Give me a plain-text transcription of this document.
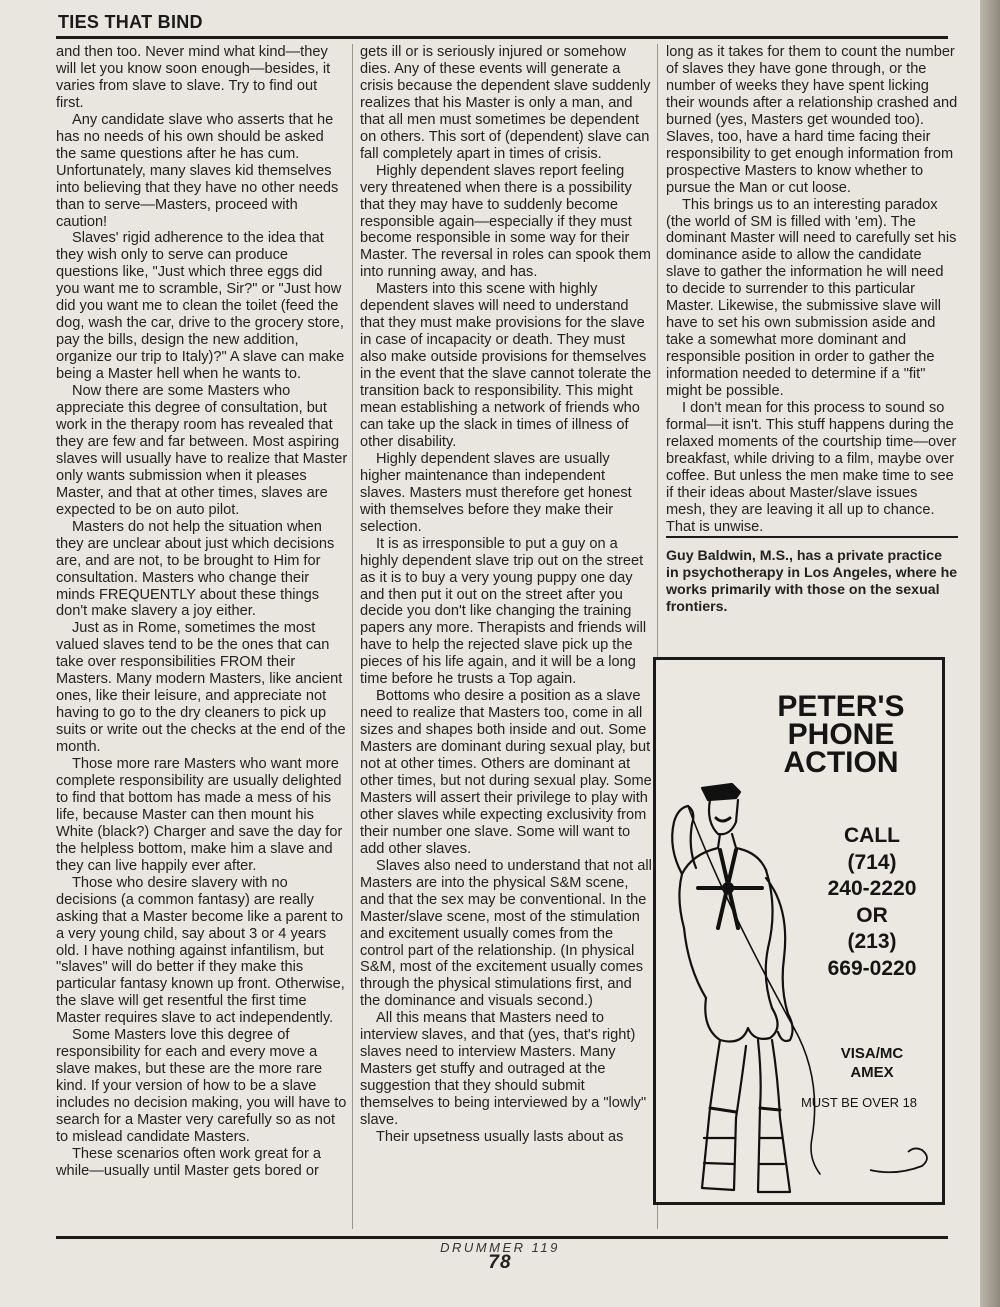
TIES THAT BIND

and then too. Never mind what kind—they will let you know soon enough—besides, it varies from slave to slave. Try to find out first.

Any candidate slave who asserts that he has no needs of his own should be asked the same questions after he has cum. Unfortunately, many slaves kid themselves into believing that they have no other needs than to serve—Masters, proceed with caution!

Slaves' rigid adherence to the idea that they wish only to serve can produce questions like, "Just which three eggs did you want me to scramble, Sir?" or "Just how did you want me to clean the toilet (feed the dog, wash the car, drive to the grocery store, pay the bills, design the new addition, organize our trip to Italy)?" A slave can make being a Master hell when he wants to.

Now there are some Masters who appreciate this degree of consultation, but work in the therapy room has revealed that they are few and far between. Most aspiring slaves will usually have to realize that Master only wants submission when it pleases Master, and that at other times, slaves are expected to be on auto pilot.

Masters do not help the situation when they are unclear about just which decisions are, and are not, to be brought to Him for consultation. Masters who change their minds FREQUENTLY about these things don't make slavery a joy either.

Just as in Rome, sometimes the most valued slaves tend to be the ones that can take over responsibilities FROM their Masters. Many modern Masters, like ancient ones, like their leisure, and appreciate not having to go to the dry cleaners to pick up suits or write out the checks at the end of the month.

Those more rare Masters who want more complete responsibility are usually delighted to find that bottom has made a mess of his life, because Master can then mount his White (black?) Charger and save the day for the helpless bottom, make him a slave and they can live happily ever after.

Those who desire slavery with no decisions (a common fantasy) are really asking that a Master become like a parent to a very young child, say about 3 or 4 years old. I have nothing against infantilism, but "slaves" will do better if they make this particular fantasy known up front. Otherwise, the slave will get resentful the first time Master requires slave to act independently.

Some Masters love this degree of responsibility for each and every move a slave makes, but these are the more rare kind. If your version of how to be a slave includes no decision making, you will have to search for a Master very carefully so as not to mislead candidate Masters.

These scenarios often work great for a while—usually until Master gets bored or

gets ill or is seriously injured or somehow dies. Any of these events will generate a crisis because the dependent slave suddenly realizes that his Master is only a man, and that all men must sometimes be dependent on others. This sort of (dependent) slave can fall completely apart in times of crisis.

Highly dependent slaves report feeling very threatened when there is a possibility that they may have to suddenly become responsible again—especially if they must become responsible in some way for their Master. The reversal in roles can spook them into running away, and has.

Masters into this scene with highly dependent slaves will need to understand that they must make provisions for the slave in case of incapacity or death. They must also make outside provisions for themselves in the event that the slave cannot tolerate the transition back to responsibility. This might mean establishing a network of friends who can take up the slack in times of illness of other disability.

Highly dependent slaves are usually higher maintenance than independent slaves. Masters must therefore get honest with themselves before they make their selection.

It is as irresponsible to put a guy on a highly dependent slave trip out on the street as it is to buy a very young puppy one day and then put it out on the street after you decide you don't like changing the training papers any more. Therapists and friends will have to help the rejected slave pick up the pieces of his life again, and it will be a long time before he trusts a Top again.

Bottoms who desire a position as a slave need to realize that Masters too, come in all sizes and shapes both inside and out. Some Masters are dominant during sexual play, but not at other times. Others are dominant at other times, but not during sexual play. Some Masters will assert their privilege to play with other slaves while expecting exclusivity from their number one slave. Some will want to add other slaves.

Slaves also need to understand that not all Masters are into the physical S&M scene, and that the sex may be conventional. In the Master/slave scene, most of the stimulation and excitement usually comes from the control part of the relationship. (In physical S&M, most of the excitement usually comes through the physical stimulations first, and the dominance and visuals second.)

All this means that Masters need to interview slaves, and that (yes, that's right) slaves need to interview Masters. Many Masters get stuffy and outraged at the suggestion that they should submit themselves to being interviewed by a "lowly" slave.

Their upsetness usually lasts about as

long as it takes for them to count the number of slaves they have gone through, or the number of weeks they have spent licking their wounds after a relationship crashed and burned (yes, Masters get wounded too). Slaves, too, have a hard time facing their responsibility to get enough information from prospective Masters to know whether to pursue the Man or cut loose.

This brings us to an interesting paradox (the world of SM is filled with 'em). The dominant Master will need to carefully set his dominance aside to allow the candidate slave to gather the information he will need to decide to surrender to this particular Master. Likewise, the submissive slave will have to set his own submission aside and take a somewhat more dominant and responsible position in order to gather the information needed to determine if a "fit" might be possible.

I don't mean for this process to sound so formal—it isn't. This stuff happens during the relaxed moments of the courtship time—over breakfast, while driving to a film, maybe over coffee. But unless the men make time to see if their ideas about Master/slave issues mesh, they are leaving it all up to chance. That is unwise.

Guy Baldwin, M.S., has a private practice in psychotherapy in Los Angeles, where he works primarily with those on the sexual frontiers.

PETER'S
PHONE
ACTION
CALL
(714)
240-2220
OR
(213)
669-0220
VISA/MC
AMEX
MUST BE OVER 18
DRUMMER 119
78
